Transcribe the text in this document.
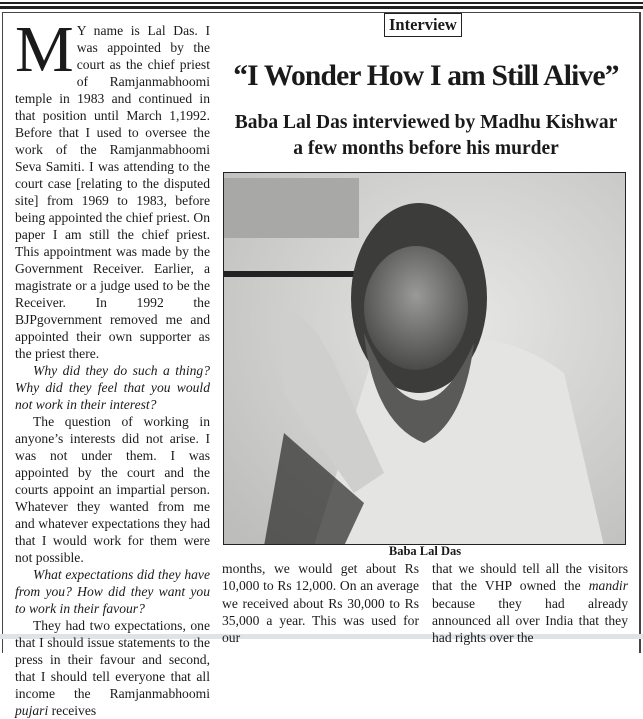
M Y name is Lal Das. I was appointed by the court as the chief priest of Ramjanmabhoomi temple in 1983 and continued in that position until March 1,1992. Before that I used to oversee the work of the Ramjanmabhoomi Seva Samiti. I was attending to the court case [relating to the disputed site] from 1969 to 1983, before being appointed the chief priest. On paper I am still the chief priest. This appointment was made by the Government Receiver. Earlier, a magistrate or a judge used to be the Receiver. In 1992 the BJPgovernment removed me and appointed their own supporter as the priest there.

Why did they do such a thing? Why did they feel that you would not work in their interest?

The question of working in anyone’s interests did not arise. I was not under them. I was appointed by the court and the courts appoint an impartial person. Whatever they wanted from me and whatever expectations they had that I would work for them were not possible.

What expectations did they have from you? How did they want you to work in their favour?

They had two expectations, one that I should issue statements to the press in their favour and second, that I should tell everyone that all income the Ramjanmabhoomi pujari receives

Interview
“I Wonder How I am Still Alive”
Baba Lal Das interviewed by Madhu Kishwar
a few months before his murder
Baba Lal Das

months, we would get about Rs 10,000 to Rs 12,000. On an average we received about Rs 30,000 to Rs 35,000 a year. This was used for our

that we should tell all the visitors that the VHP owned the mandir because they had already announced all over India that they had rights over the
